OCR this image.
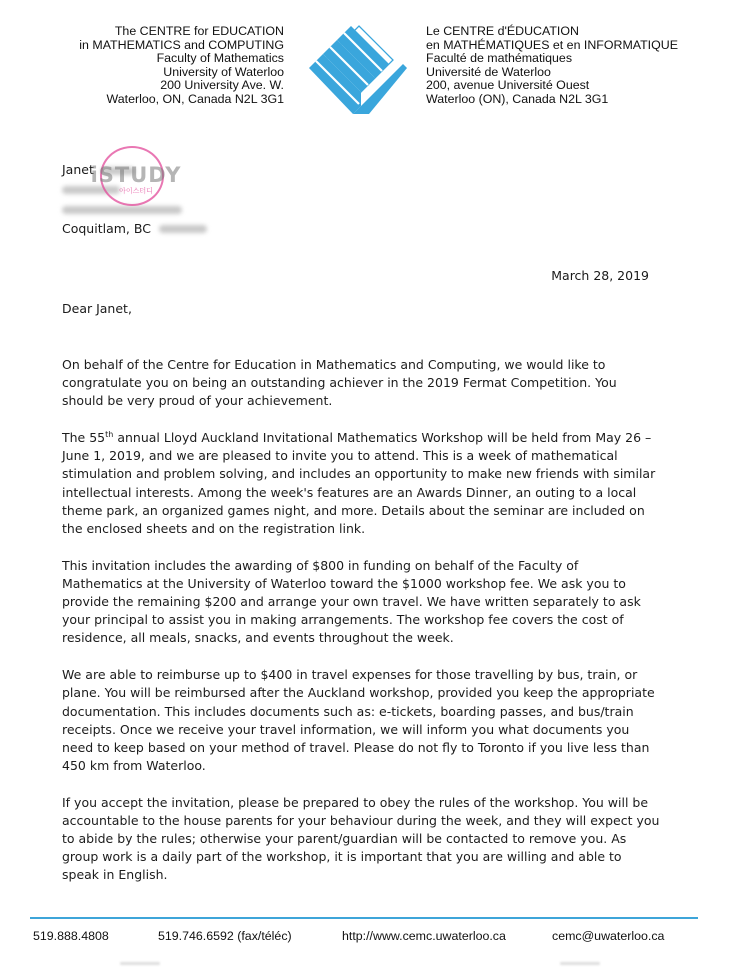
The CENTRE for EDUCATION
in MATHEMATICS and COMPUTING
Faculty of Mathematics
University of Waterloo
200 University Ave. W.
Waterloo, ON, Canada N2L 3G1
Le CENTRE d'ÉDUCATION
en MATHÉMATIQUES et en INFORMATIQUE
Faculté de mathématiques
Université de Waterloo
200, avenue Université Ouest
Waterloo (ON), Canada N2L 3G1
Janet
Coquitlam, BC
iSTUDY
아이스터디
March 28, 2019
Dear Janet,

On behalf of the Centre for Education in Mathematics and Computing, we would like to congratulate you on being an outstanding achiever in the 2019 Fermat Competition. You should be very proud of your achievement.

The 55th annual Lloyd Auckland Invitational Mathematics Workshop will be held from May 26 – June 1, 2019, and we are pleased to invite you to attend. This is a week of mathematical stimulation and problem solving, and includes an opportunity to make new friends with similar intellectual interests. Among the week's features are an Awards Dinner, an outing to a local theme park, an organized games night, and more. Details about the seminar are included on the enclosed sheets and on the registration link.

This invitation includes the awarding of $800 in funding on behalf of the Faculty of Mathematics at the University of Waterloo toward the $1000 workshop fee. We ask you to provide the remaining $200 and arrange your own travel. We have written separately to ask your principal to assist you in making arrangements. The workshop fee covers the cost of residence, all meals, snacks, and events throughout the week.

We are able to reimburse up to $400 in travel expenses for those travelling by bus, train, or plane. You will be reimbursed after the Auckland workshop, provided you keep the appropriate documentation. This includes documents such as: e-tickets, boarding passes, and bus/train receipts. Once we receive your travel information, we will inform you what documents you need to keep based on your method of travel. Please do not fly to Toronto if you live less than 450 km from Waterloo.

If you accept the invitation, please be prepared to obey the rules of the workshop. You will be accountable to the house parents for your behaviour during the week, and they will expect you to abide by the rules; otherwise your parent/guardian will be contacted to remove you. As group work is a daily part of the workshop, it is important that you are willing and able to speak in English.

519.888.4808	519.746.6592 (fax/téléc)	http://www.cemc.uwaterloo.ca	cemc@uwaterloo.ca
